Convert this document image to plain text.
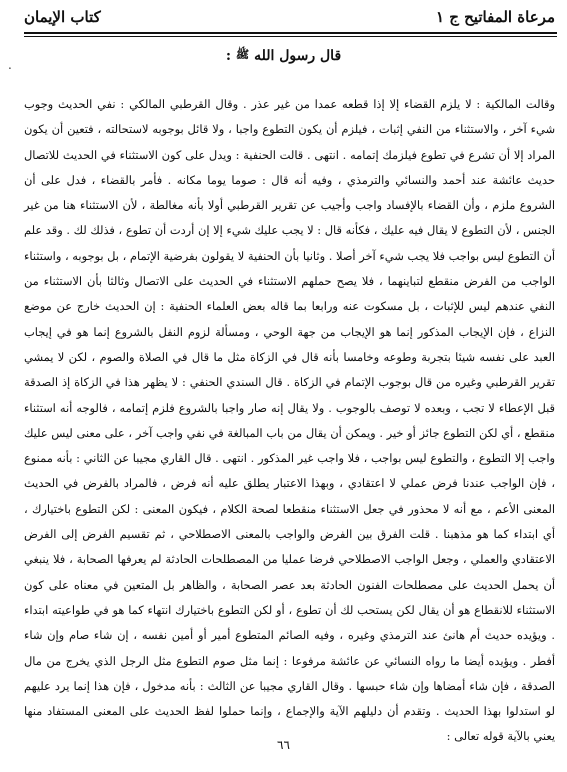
مرعاة المفاتيح ج ١
كتاب الإيمان
.
قال رسول الله ﷺ :

وقالت المالكية : لا يلزم القضاء إلا إذا قطعه عمدا من غير عذر . وقال القرطبي المالكي : نفي الحديث وجوب شيء آخر ، والاستثناء من النفي إثبات ، فيلزم أن يكون التطوع واجبا ، ولا قائل بوجوبه لاستحالته ، فتعين أن يكون المراد إلا أن تشرع في تطوع فيلزمك إتمامه . انتهى . قالت الحنفية : ويدل على كون الاستثناء في الحديث للاتصال حديث عائشة عند أحمد والنسائي والترمذي ، وفيه أنه قال : صوما يوما مكانه . فأمر بالقضاء ، فدل على أن الشروع ملزم ، وأن القضاء بالإفساد واجب وأجيب عن تقرير القرطبي أولا بأنه مغالطة ، لأن الاستثناء هنا من غير الجنس ، لأن التطوع لا يقال فيه عليك ، فكأنه قال : لا يجب عليك شيء إلا إن أردت أن تطوع ، فذلك لك . وقد علم أن التطوع ليس بواجب فلا يجب شيء آخر أصلا . وثانيا بأن الحنفية لا يقولون بفرضية الإتمام ، بل بوجوبه ، واستثناء الواجب من الفرض منقطع لتباينهما ، فلا يصح حملهم الاستثناء في الحديث على الاتصال وثالثا بأن الاستثناء من النفي عندهم ليس للإثبات ، بل مسكوت عنه ورابعا بما قاله بعض العلماء الحنفية : إن الحديث خارج عن موضع النزاع ، فإن الإيجاب المذكور إنما هو الإيجاب من جهة الوحي ، ومسألة لزوم النفل بالشروع إنما هو في إيجاب العبد على نفسه شيئا بتجربة وطوعه وخامسا بأنه قال في الزكاة مثل ما قال في الصلاة والصوم ، لكن لا يمشي تقرير القرطبي وغيره من قال بوجوب الإتمام في الزكاة . قال السندي الحنفي : لا يظهر هذا في الزكاة إذ الصدقة قبل الإعطاء لا تجب ، وبعده لا توصف بالوجوب . ولا يقال إنه صار واجبا بالشروع فلزم إتمامه ، فالوجه أنه استثناء منقطع ، أي لكن التطوع جائز أو خير . ويمكن أن يقال من باب المبالغة في نفي واجب آخر ، على معنى ليس عليك واجب إلا التطوع ، والتطوع ليس بواجب ، فلا واجب غير المذكور . انتهى . قال القاري مجيبا عن الثاني : بأنه ممنوع ، فإن الواجب عندنا فرض عملي لا اعتقادي ، وبهذا الاعتبار يطلق عليه أنه فرض ، فالمراد بالفرض في الحديث المعنى الأعم ، مع أنه لا محذور في جعل الاستثناء منقطعا لصحة الكلام ، فيكون المعنى : لكن التطوع باختيارك ، أي ابتداء كما هو مذهبنا . قلت الفرق بين الفرض والواجب بالمعنى الاصطلاحي ، ثم تقسيم الفرض إلى الفرض الاعتقادي والعملي ، وجعل الواجب الاصطلاحي فرضا عمليا من المصطلحات الحادثة لم يعرفها الصحابة ، فلا ينبغي أن يحمل الحديث على مصطلحات الفنون الحادثة بعد عصر الصحابة ، والظاهر بل المتعين في معناه على كون الاستثناء للانقطاع هو أن يقال لكن يستحب لك أن تطوع ، أو لكن التطوع باختيارك انتهاء كما هو في طواعيته ابتداء . ويؤيده حديث أم هانئ عند الترمذي وغيره ، وفيه الصائم المتطوع أمير أو أمين نفسه ، إن شاء صام وإن شاء أفطر . ويؤيده أيضا ما رواه النسائي عن عائشة مرفوعا : إنما مثل صوم التطوع مثل الرجل الذي يخرج من مال الصدقة ، فإن شاء أمضاها وإن شاء حبسها . وقال القاري مجيبا عن الثالث : بأنه مدخول ، فإن هذا إنما يرد عليهم لو استدلوا بهذا الحديث . وتقدم أن دليلهم الآية والإجماع ، وإنما حملوا لفظ الحديث على المعنى المستفاد منها يعني بالآية قوله تعالى :

٦٦
